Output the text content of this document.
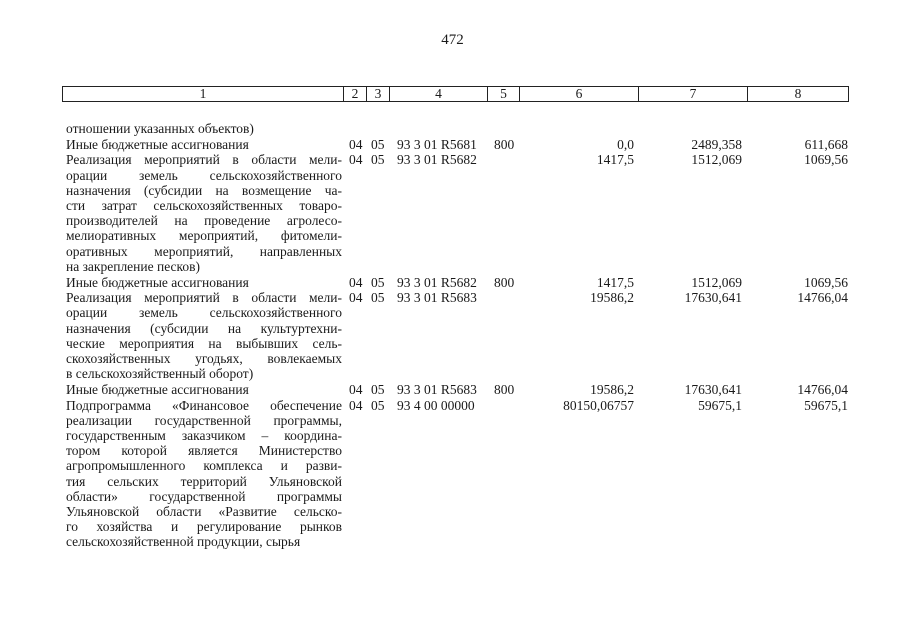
472
1	2	3	4	5	6	7	8
отношении указанных объектов)
Иные бюджетные ассигнования	04 05 93 3 01 R5681 800	0,0	2489,358	611,668
Реализация мероприятий в области мели-
орации земель сельскохозяйственного
назначения (субсидии на возмещение ча-
сти затрат сельскохозяйственных товаро-
производителей на проведение агролесо-
мелиоративных мероприятий, фитомели-
оративных мероприятий, направленных
на закрепление песков)
04 05 93 3 01 R5682	1417,5	1512,069	1069,56
Иные бюджетные ассигнования	04 05 93 3 01 R5682 800	1417,5	1512,069	1069,56
Реализация мероприятий в области мели-
орации земель сельскохозяйственного
назначения (субсидии на культуртехни-
ческие мероприятия на выбывших сель-
скохозяйственных угодьях, вовлекаемых
в сельскохозяйственный оборот)
04 05 93 3 01 R5683	19586,2	17630,641	14766,04
Иные бюджетные ассигнования	04 05 93 3 01 R5683 800	19586,2	17630,641	14766,04
Подпрограмма «Финансовое обеспечение
реализации государственной программы,
государственным заказчиком – координа-
тором которой является Министерство
агропромышленного комплекса и разви-
тия сельских территорий Ульяновской
области» государственной программы
Ульяновской области «Развитие сельско-
го хозяйства и регулирование рынков
сельскохозяйственной продукции, сырья
04 05 93 4 00 00000	80150,06757	59675,1	59675,1
